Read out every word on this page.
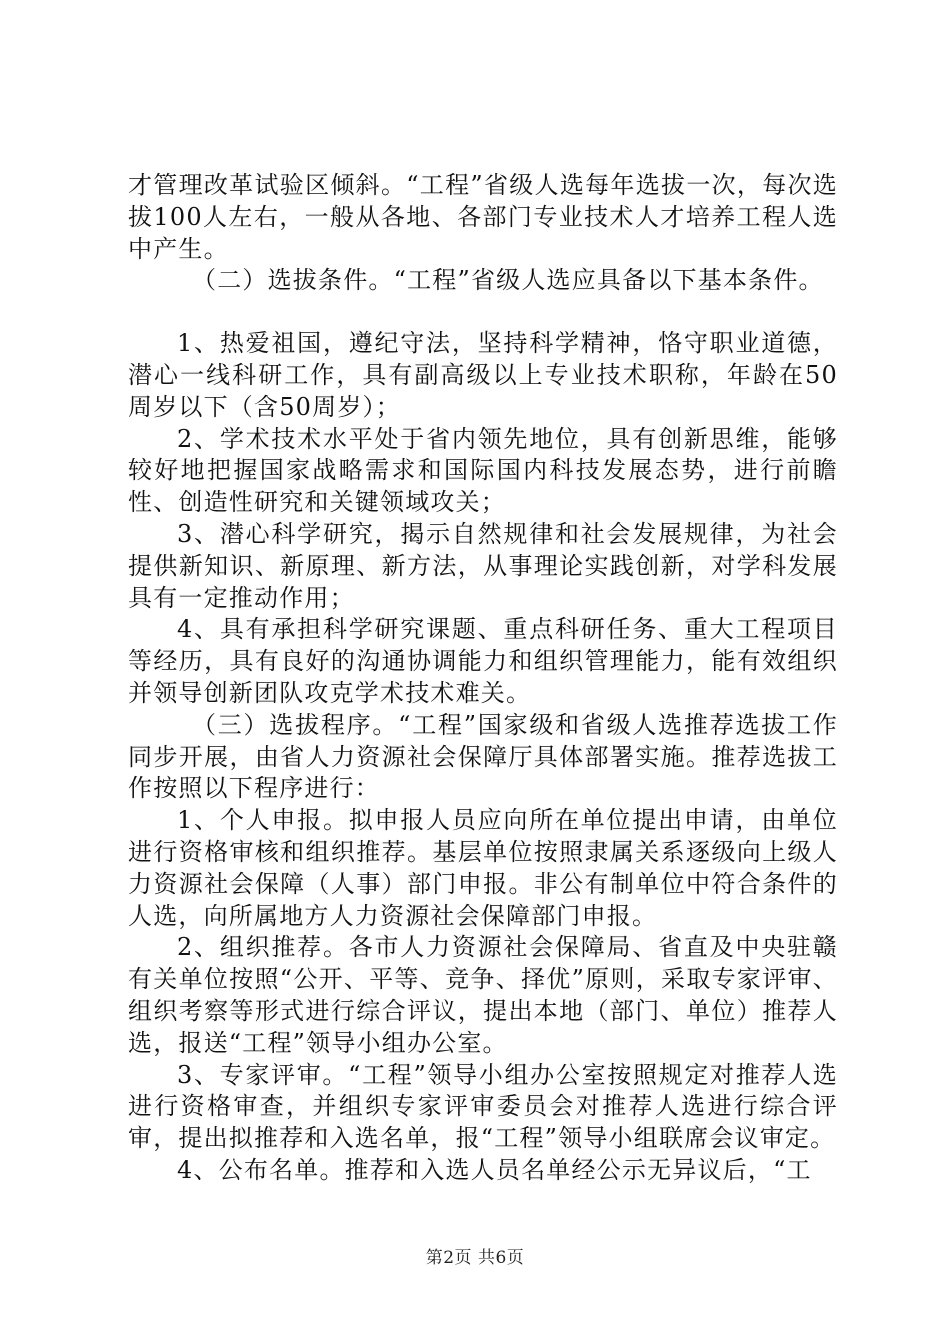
才管理改革试验区倾斜。“工程”省级人选每年选拔一次，每次选拔100人左右，一般从各地、各部门专业技术人才培养工程人选中产生。

（二）选拔条件。“工程”省级人选应具备以下基本条件。

1、热爱祖国，遵纪守法，坚持科学精神，恪守职业道德，潜心一线科研工作，具有副高级以上专业技术职称，年龄在50周岁以下（含50周岁）；

2、学术技术水平处于省内领先地位，具有创新思维，能够较好地把握国家战略需求和国际国内科技发展态势，进行前瞻性、创造性研究和关键领域攻关；

3、潜心科学研究，揭示自然规律和社会发展规律，为社会提供新知识、新原理、新方法，从事理论实践创新，对学科发展具有一定推动作用；

4、具有承担科学研究课题、重点科研任务、重大工程项目等经历，具有良好的沟通协调能力和组织管理能力，能有效组织并领导创新团队攻克学术技术难关。

（三）选拔程序。“工程”国家级和省级人选推荐选拔工作同步开展，由省人力资源社会保障厅具体部署实施。推荐选拔工作按照以下程序进行：

1、个人申报。拟申报人员应向所在单位提出申请，由单位进行资格审核和组织推荐。基层单位按照隶属关系逐级向上级人力资源社会保障（人事）部门申报。非公有制单位中符合条件的人选，向所属地方人力资源社会保障部门申报。

2、组织推荐。各市人力资源社会保障局、省直及中央驻赣有关单位按照“公开、平等、竞争、择优”原则，采取专家评审、组织考察等形式进行综合评议，提出本地（部门、单位）推荐人选，报送“工程”领导小组办公室。

3、专家评审。“工程”领导小组办公室按照规定对推荐人选进行资格审查，并组织专家评审委员会对推荐人选进行综合评审，提出拟推荐和入选名单，报“工程”领导小组联席会议审定。

4、公布名单。推荐和入选人员名单经公示无异议后，“工

第2页 共6页
